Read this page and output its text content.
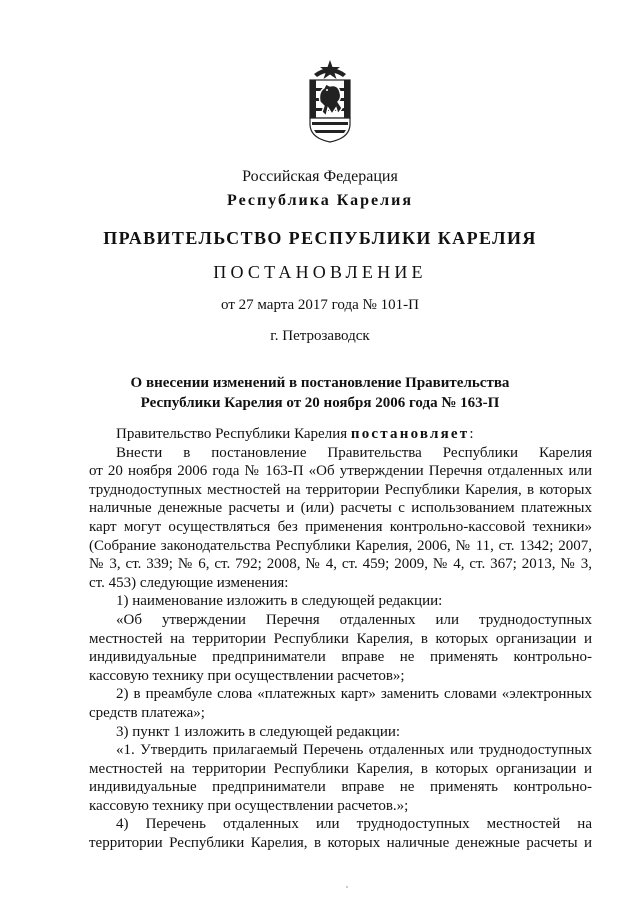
Российская Федерация
Республика Карелия
ПРАВИТЕЛЬСТВО РЕСПУБЛИКИ КАРЕЛИЯ
ПОСТАНОВЛЕНИЕ
от 27 марта 2017 года № 101-П
г. Петрозаводск
О внесении изменений в постановление Правительства
Республики Карелия от 20 ноября 2006 года № 163-П

Правительство Республики Карелия постановляет:

Внести в постановление Правительства Республики Карелия

от 20 ноября 2006 года № 163-П «Об утверждении Перечня отдаленных или

труднодоступных местностей на территории Республики Карелия, в которых

наличные денежные расчеты и (или) расчеты с использованием платежных

карт могут осуществляться без применения контрольно-кассовой техники»

(Собрание законодательства Республики Карелия, 2006, № 11, ст. 1342; 2007,

№ 3, ст. 339; № 6, ст. 792; 2008, № 4, ст. 459; 2009, № 4, ст. 367; 2013, № 3,

ст. 453) следующие изменения:

1) наименование изложить в следующей редакции:

«Об утверждении Перечня отдаленных или труднодоступных

местностей на территории Республики Карелия, в которых организации и

индивидуальные предприниматели вправе не применять контрольно-

кассовую технику при осуществлении расчетов»;

2) в преамбуле слова «платежных карт» заменить словами «электронных

средств платежа»;

3) пункт 1 изложить в следующей редакции:

«1. Утвердить прилагаемый Перечень отдаленных или труднодоступных

местностей на территории Республики Карелия, в которых организации и

индивидуальные предприниматели вправе не применять контрольно-

кассовую технику при осуществлении расчетов.»;

4) Перечень отдаленных или труднодоступных местностей на

территории Республики Карелия, в которых наличные денежные расчеты и
